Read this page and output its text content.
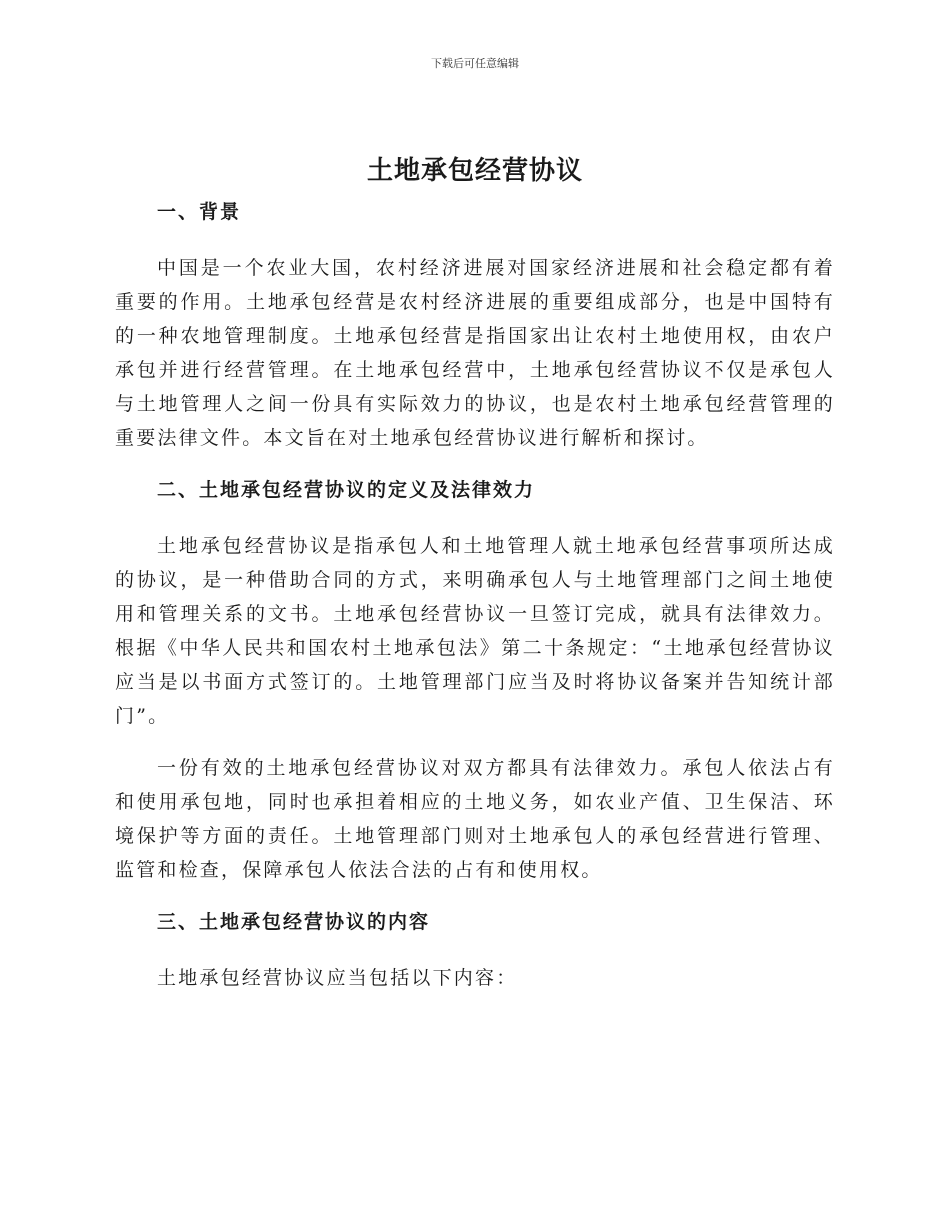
下载后可任意编辑
土地承包经营协议

一、背景

中国是一个农业大国，农村经济进展对国家经济进展和社会稳定都有着重要的作用。土地承包经营是农村经济进展的重要组成部分，也是中国特有的一种农地管理制度。土地承包经营是指国家出让农村土地使用权，由农户承包并进行经营管理。在土地承包经营中，土地承包经营协议不仅是承包人与土地管理人之间一份具有实际效力的协议，也是农村土地承包经营管理的重要法律文件。本文旨在对土地承包经营协议进行解析和探讨。

二、土地承包经营协议的定义及法律效力

土地承包经营协议是指承包人和土地管理人就土地承包经营事项所达成的协议，是一种借助合同的方式，来明确承包人与土地管理部门之间土地使用和管理关系的文书。土地承包经营协议一旦签订完成，就具有法律效力。根据《中华人民共和国农村土地承包法》第二十条规定：“土地承包经营协议应当是以书面方式签订的。土地管理部门应当及时将协议备案并告知统计部门”。

一份有效的土地承包经营协议对双方都具有法律效力。承包人依法占有和使用承包地，同时也承担着相应的土地义务，如农业产值、卫生保洁、环境保护等方面的责任。土地管理部门则对土地承包人的承包经营进行管理、监管和检查，保障承包人依法合法的占有和使用权。

三、土地承包经营协议的内容

土地承包经营协议应当包括以下内容：
